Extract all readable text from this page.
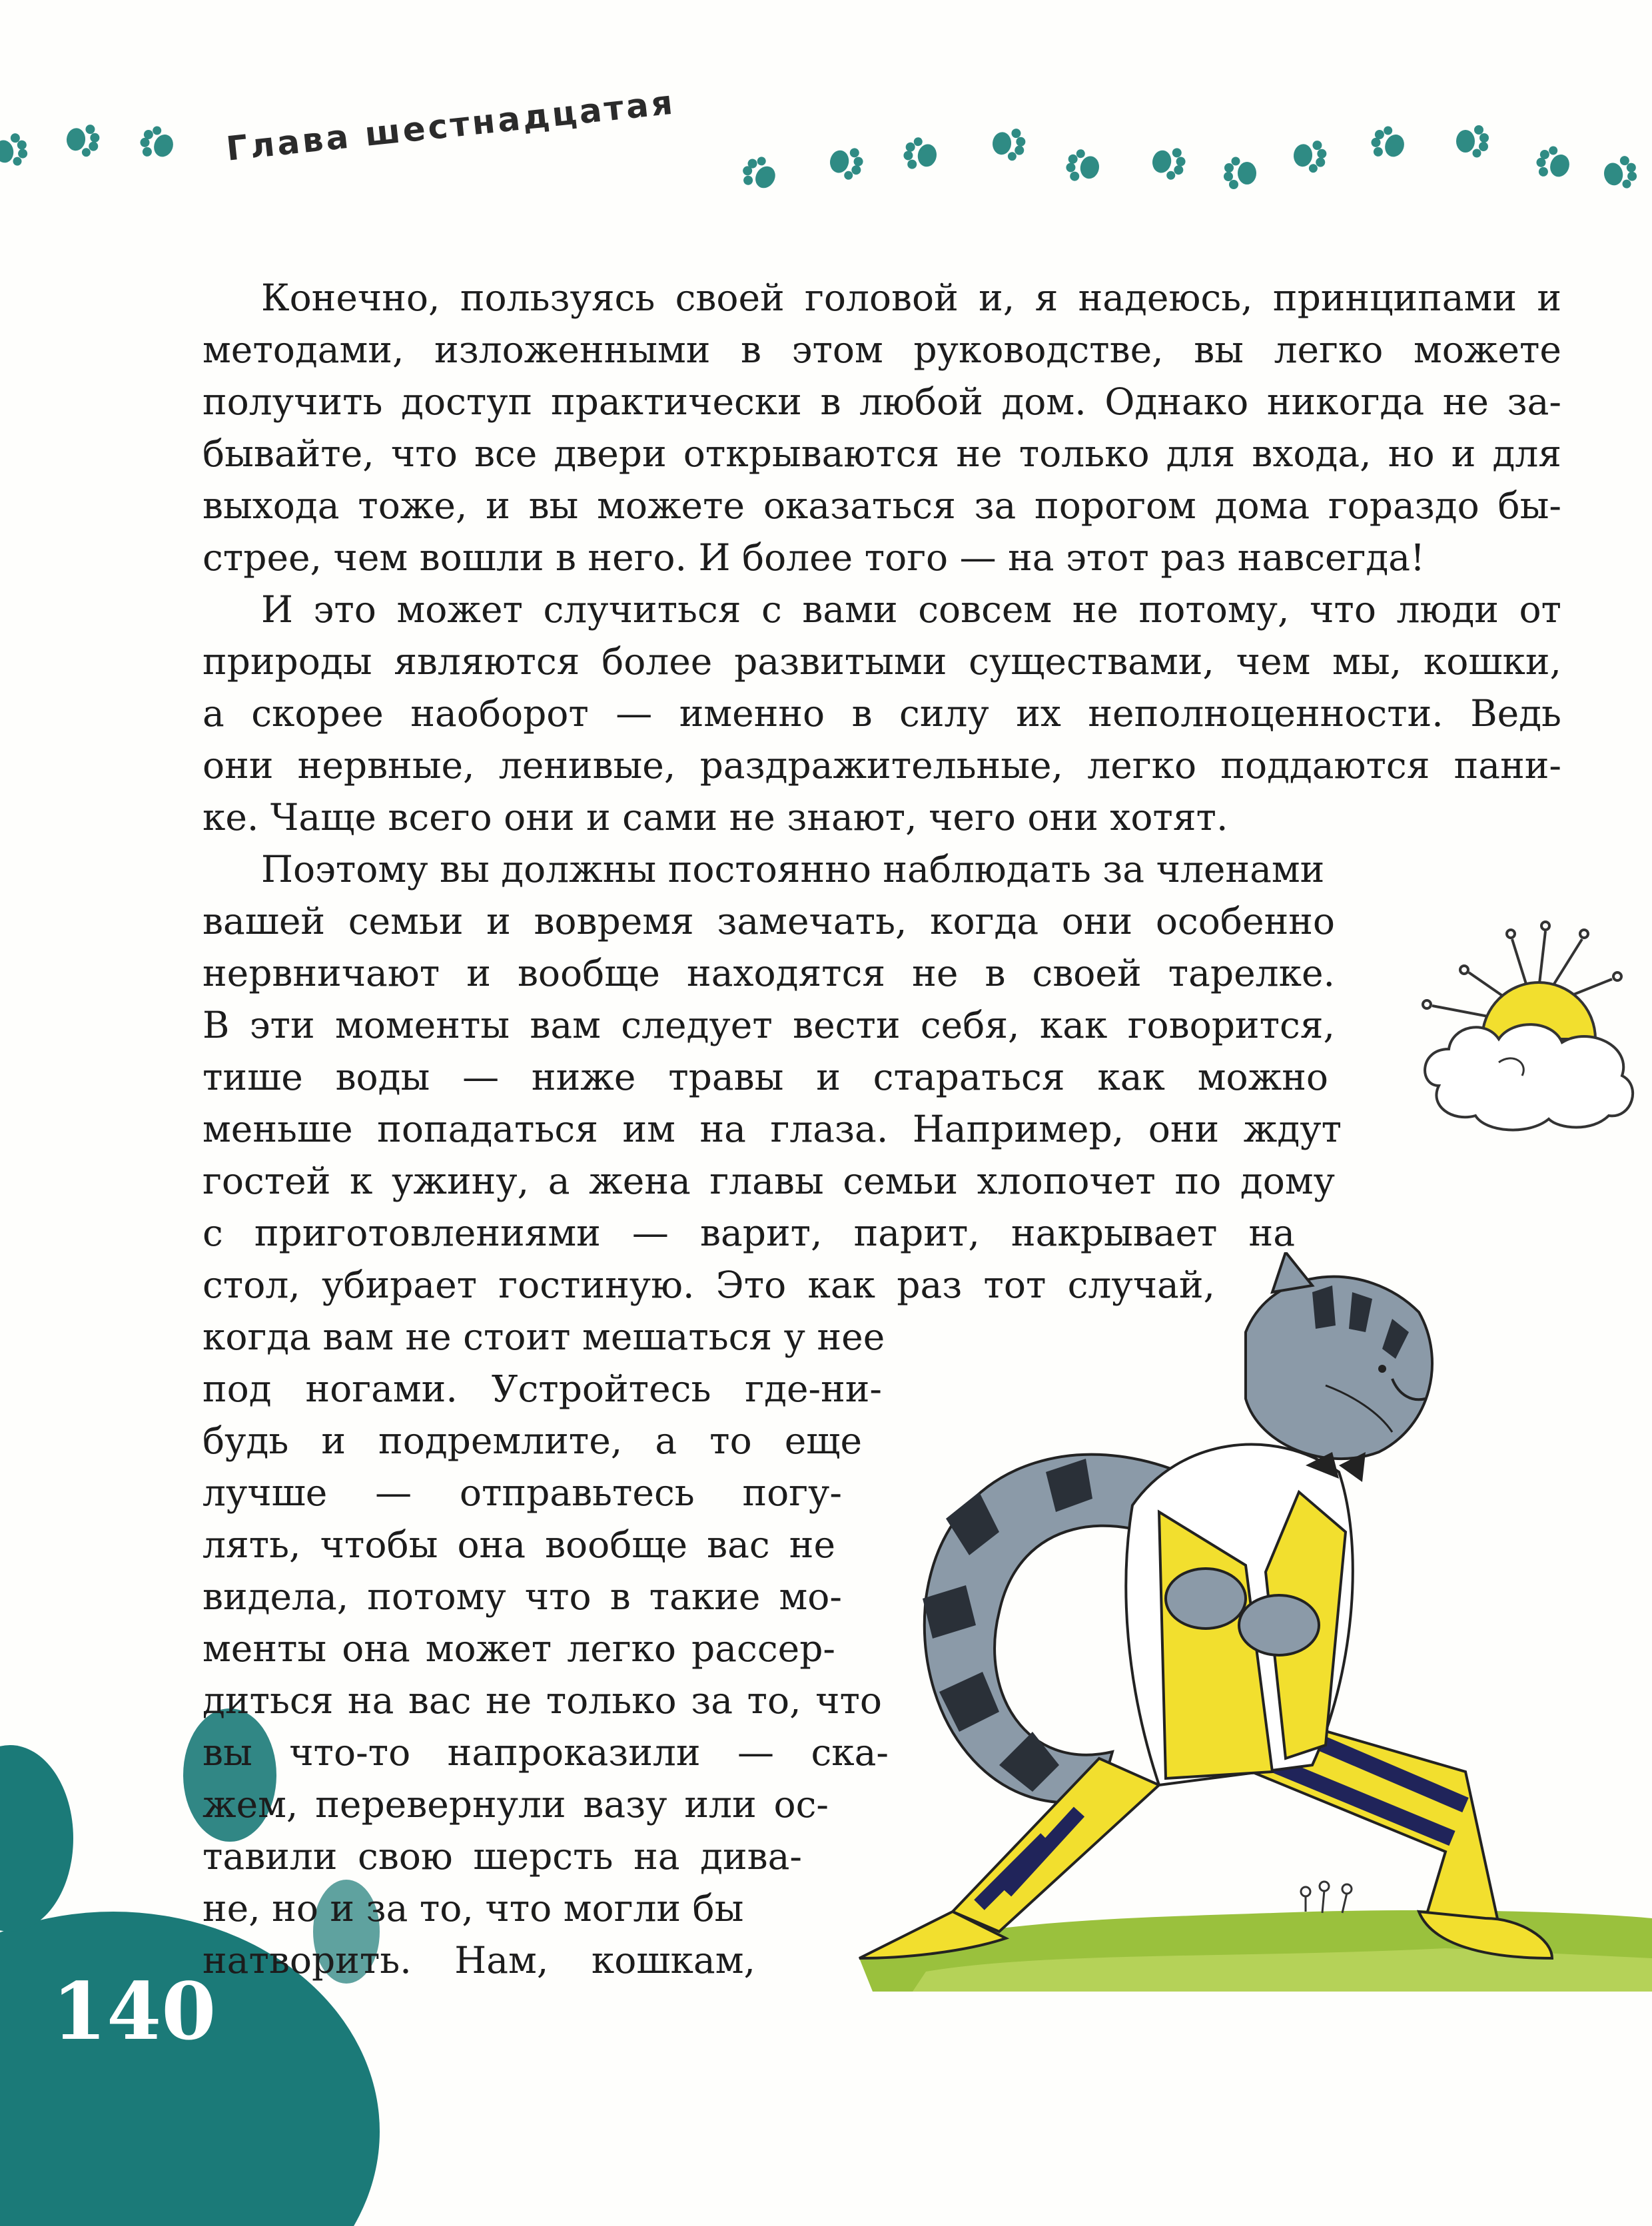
Глава шестнадцатая
140
Конечно, пользуясь своей головой и, я надеюсь, принципами и
методами, изложенными в этом руководстве, вы легко можете
получить доступ практически в любой дом. Однако никогда не за-
бывайте, что все двери открываются не только для входа, но и для
выхода тоже, и вы можете оказаться за порогом дома гораздо бы-
стрее, чем вошли в него. И более того — на этот раз навсегда!
И это может случиться с вами совсем не потому, что люди от
природы являются более развитыми существами, чем мы, кошки,
а скорее наоборот — именно в силу их неполноценности. Ведь
они нервные, ленивые, раздражительные, легко поддаются пани-
ке. Чаще всего они и сами не знают, чего они хотят.
Поэтому вы должны постоянно наблюдать за членами
вашей семьи и вовремя замечать, когда они особенно
нервничают и вообще находятся не в своей тарелке.
В эти моменты вам следует вести себя, как говорится,
тише воды — ниже травы и стараться как можно
меньше попадаться им на глаза. Например, они ждут
гостей к ужину, а жена главы семьи хлопочет по дому
с приготовлениями — варит, парит, накрывает на
стол, убирает гостиную. Это как раз тот случай,
когда вам не стоит мешаться у нее
под ногами. Устройтесь где-ни-
будь и подремлите, а то еще
лучше — отправьтесь погу-
лять, чтобы она вообще вас не
видела, потому что в такие мо-
менты она может легко рассер-
диться на вас не только за то, что
вы что-то напроказили — ска-
жем, перевернули вазу или ос-
тавили свою шерсть на дива-
не, но и за то, что могли бы
натворить. Нам, кошкам,
